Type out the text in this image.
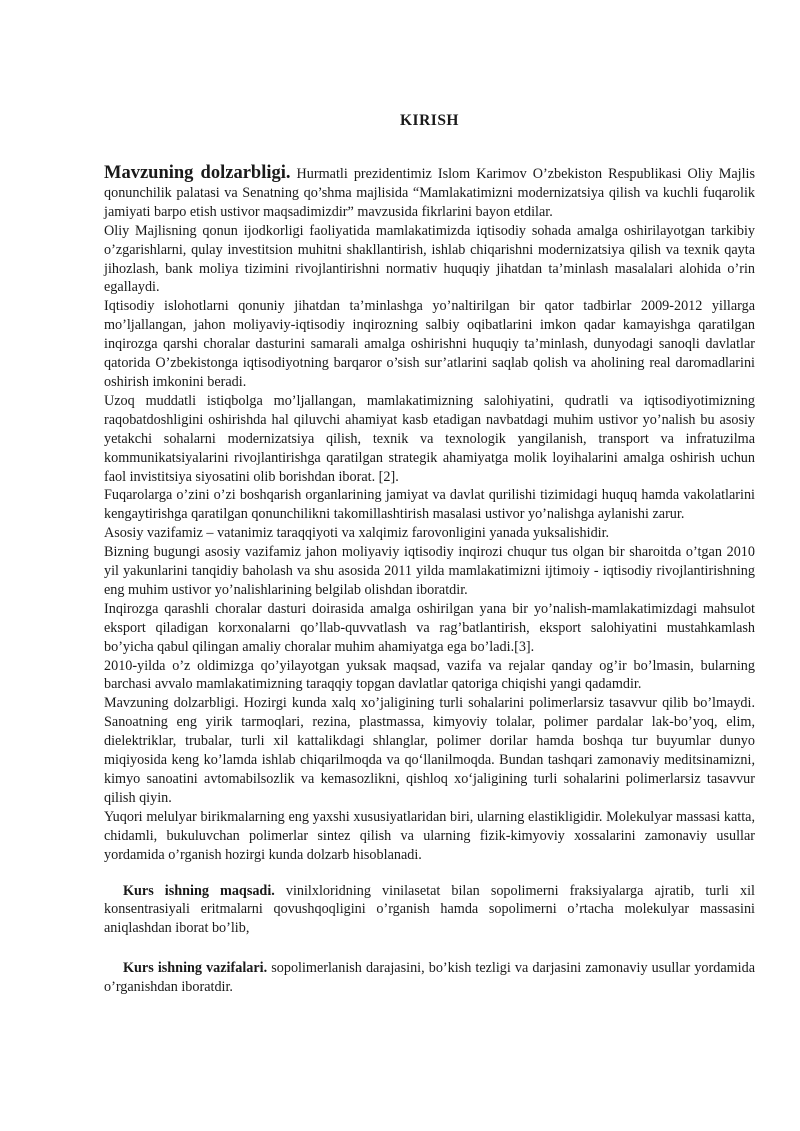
KIRISH

Mavzuning dolzarbligi. Hurmatli prezidentimiz Islom Karimov O’zbekiston Respublikasi Oliy Majlis qonunchilik palatasi va Senatning qo’shma majlisida “Mamlakatimizni modernizatsiya qilish va kuchli fuqarolik jamiyati barpo etish ustivor maqsadimizdir” mavzusida fikrlarini bayon etdilar.

Oliy Majlisning qonun ijodkorligi faoliyatida mamlakatimizda iqtisodiy sohada amalga oshirilayotgan tarkibiy o’zgarishlarni, qulay investitsion muhitni shakllantirish, ishlab chiqarishni modernizatsiya qilish va texnik qayta jihozlash, bank moliya tizimini rivojlantirishni normativ huquqiy jihatdan ta’minlash masalalari alohida o’rin egallaydi.

Iqtisodiy islohotlarni qonuniy jihatdan ta’minlashga yo’naltirilgan bir qator tadbirlar 2009-2012 yillarga mo’ljallangan, jahon moliyaviy-iqtisodiy inqirozning salbiy oqibatlarini imkon qadar kamayishga qaratilgan inqirozga qarshi choralar dasturini samarali amalga oshirishni huquqiy ta’minlash, dunyodagi sanoqli davlatlar qatorida O’zbekistonga iqtisodiyotning barqaror o’sish sur’atlarini saqlab qolish va aholining real daromadlarini oshirish imkonini beradi.

Uzoq muddatli istiqbolga mo’ljallangan, mamlakatimizning salohiyatini, qudratli va iqtisodiyotimizning raqobatdoshligini oshirishda hal qiluvchi ahamiyat kasb etadigan navbatdagi muhim ustivor yo’nalish bu asosiy yetakchi sohalarni modernizatsiya qilish, texnik va texnologik yangilanish, transport va infratuzilma kommunikatsiyalarini rivojlantirishga qaratilgan strategik ahamiyatga molik loyihalarini amalga oshirish uchun faol invistitsiya siyosatini olib borishdan iborat. [2].

Fuqarolarga o’zini o’zi boshqarish organlarining jamiyat va davlat qurilishi tizimidagi huquq hamda vakolatlarini kengaytirishga qaratilgan qonunchilikni takomillashtirish masalasi ustivor yo’nalishga aylanishi zarur.

Asosiy vazifamiz – vatanimiz taraqqiyoti va xalqimiz farovonligini yanada yuksalishidir.

Bizning bugungi asosiy vazifamiz jahon moliyaviy iqtisodiy inqirozi chuqur tus olgan bir sharoitda o’tgan 2010 yil yakunlarini tanqidiy baholash va shu asosida 2011 yilda mamlakatimizni ijtimoiy - iqtisodiy rivojlantirishning eng muhim ustivor yo’nalishlarining belgilab olishdan iboratdir.

Inqirozga qarashli choralar dasturi doirasida amalga oshirilgan yana bir yo’nalish-mamlakatimizdagi mahsulot eksport qiladigan korxonalarni qo’llab-quvvatlash va rag’batlantirish, eksport salohiyatini mustahkamlash bo’yicha qabul qilingan amaliy choralar muhim ahamiyatga ega bo’ladi.[3].

2010-yilda o’z oldimizga qo’yilayotgan yuksak maqsad, vazifa va rejalar qanday og’ir bo’lmasin, bularning barchasi avvalo mamlakatimizning taraqqiy topgan davlatlar qatoriga chiqishi yangi qadamdir.

Mavzuning dolzarbligi. Hozirgi kunda xalq xo’jaligining turli sohalarini polimerlarsiz tasavvur qilib bo’lmaydi. Sanoatning eng yirik tarmoqlari, rezina, plastmassa, kimyoviy tolalar, polimer pardalar lak-bo’yoq, elim, dielektriklar, trubalar, turli xil kattalikdagi shlanglar, polimer dorilar hamda boshqa tur buyumlar dunyo miqiyosida keng ko’lamda ishlab chiqarilmoqda va qo‘llanilmoqda. Bundan tashqari zamonaviy meditsinamizni, kimyo sanoatini avtomabilsozlik va kemasozlikni, qishloq xo‘jaligining turli sohalarini polimerlarsiz tasavvur qilish qiyin.

Yuqori melulyar birikmalarning eng yaxshi xususiyatlaridan biri, ularning elastikligidir. Molekulyar massasi katta, chidamli, bukuluvchan polimerlar sintez qilish va ularning fizik-kimyoviy xossalarini zamonaviy usullar yordamida o’rganish hozirgi kunda dolzarb hisoblanadi.

Kurs ishning maqsadi. vinilxloridning vinilasetat bilan sopolimerni fraksiyalarga ajratib, turli xil konsentrasiyali eritmalarni qovushqoqligini o’rganish hamda sopolimerni o’rtacha molekulyar massasini aniqlashdan iborat bo’lib,

Kurs ishning vazifalari. sopolimerlanish darajasini, bo’kish tezligi va darjasini zamonaviy usullar yordamida o’rganishdan iboratdir.
